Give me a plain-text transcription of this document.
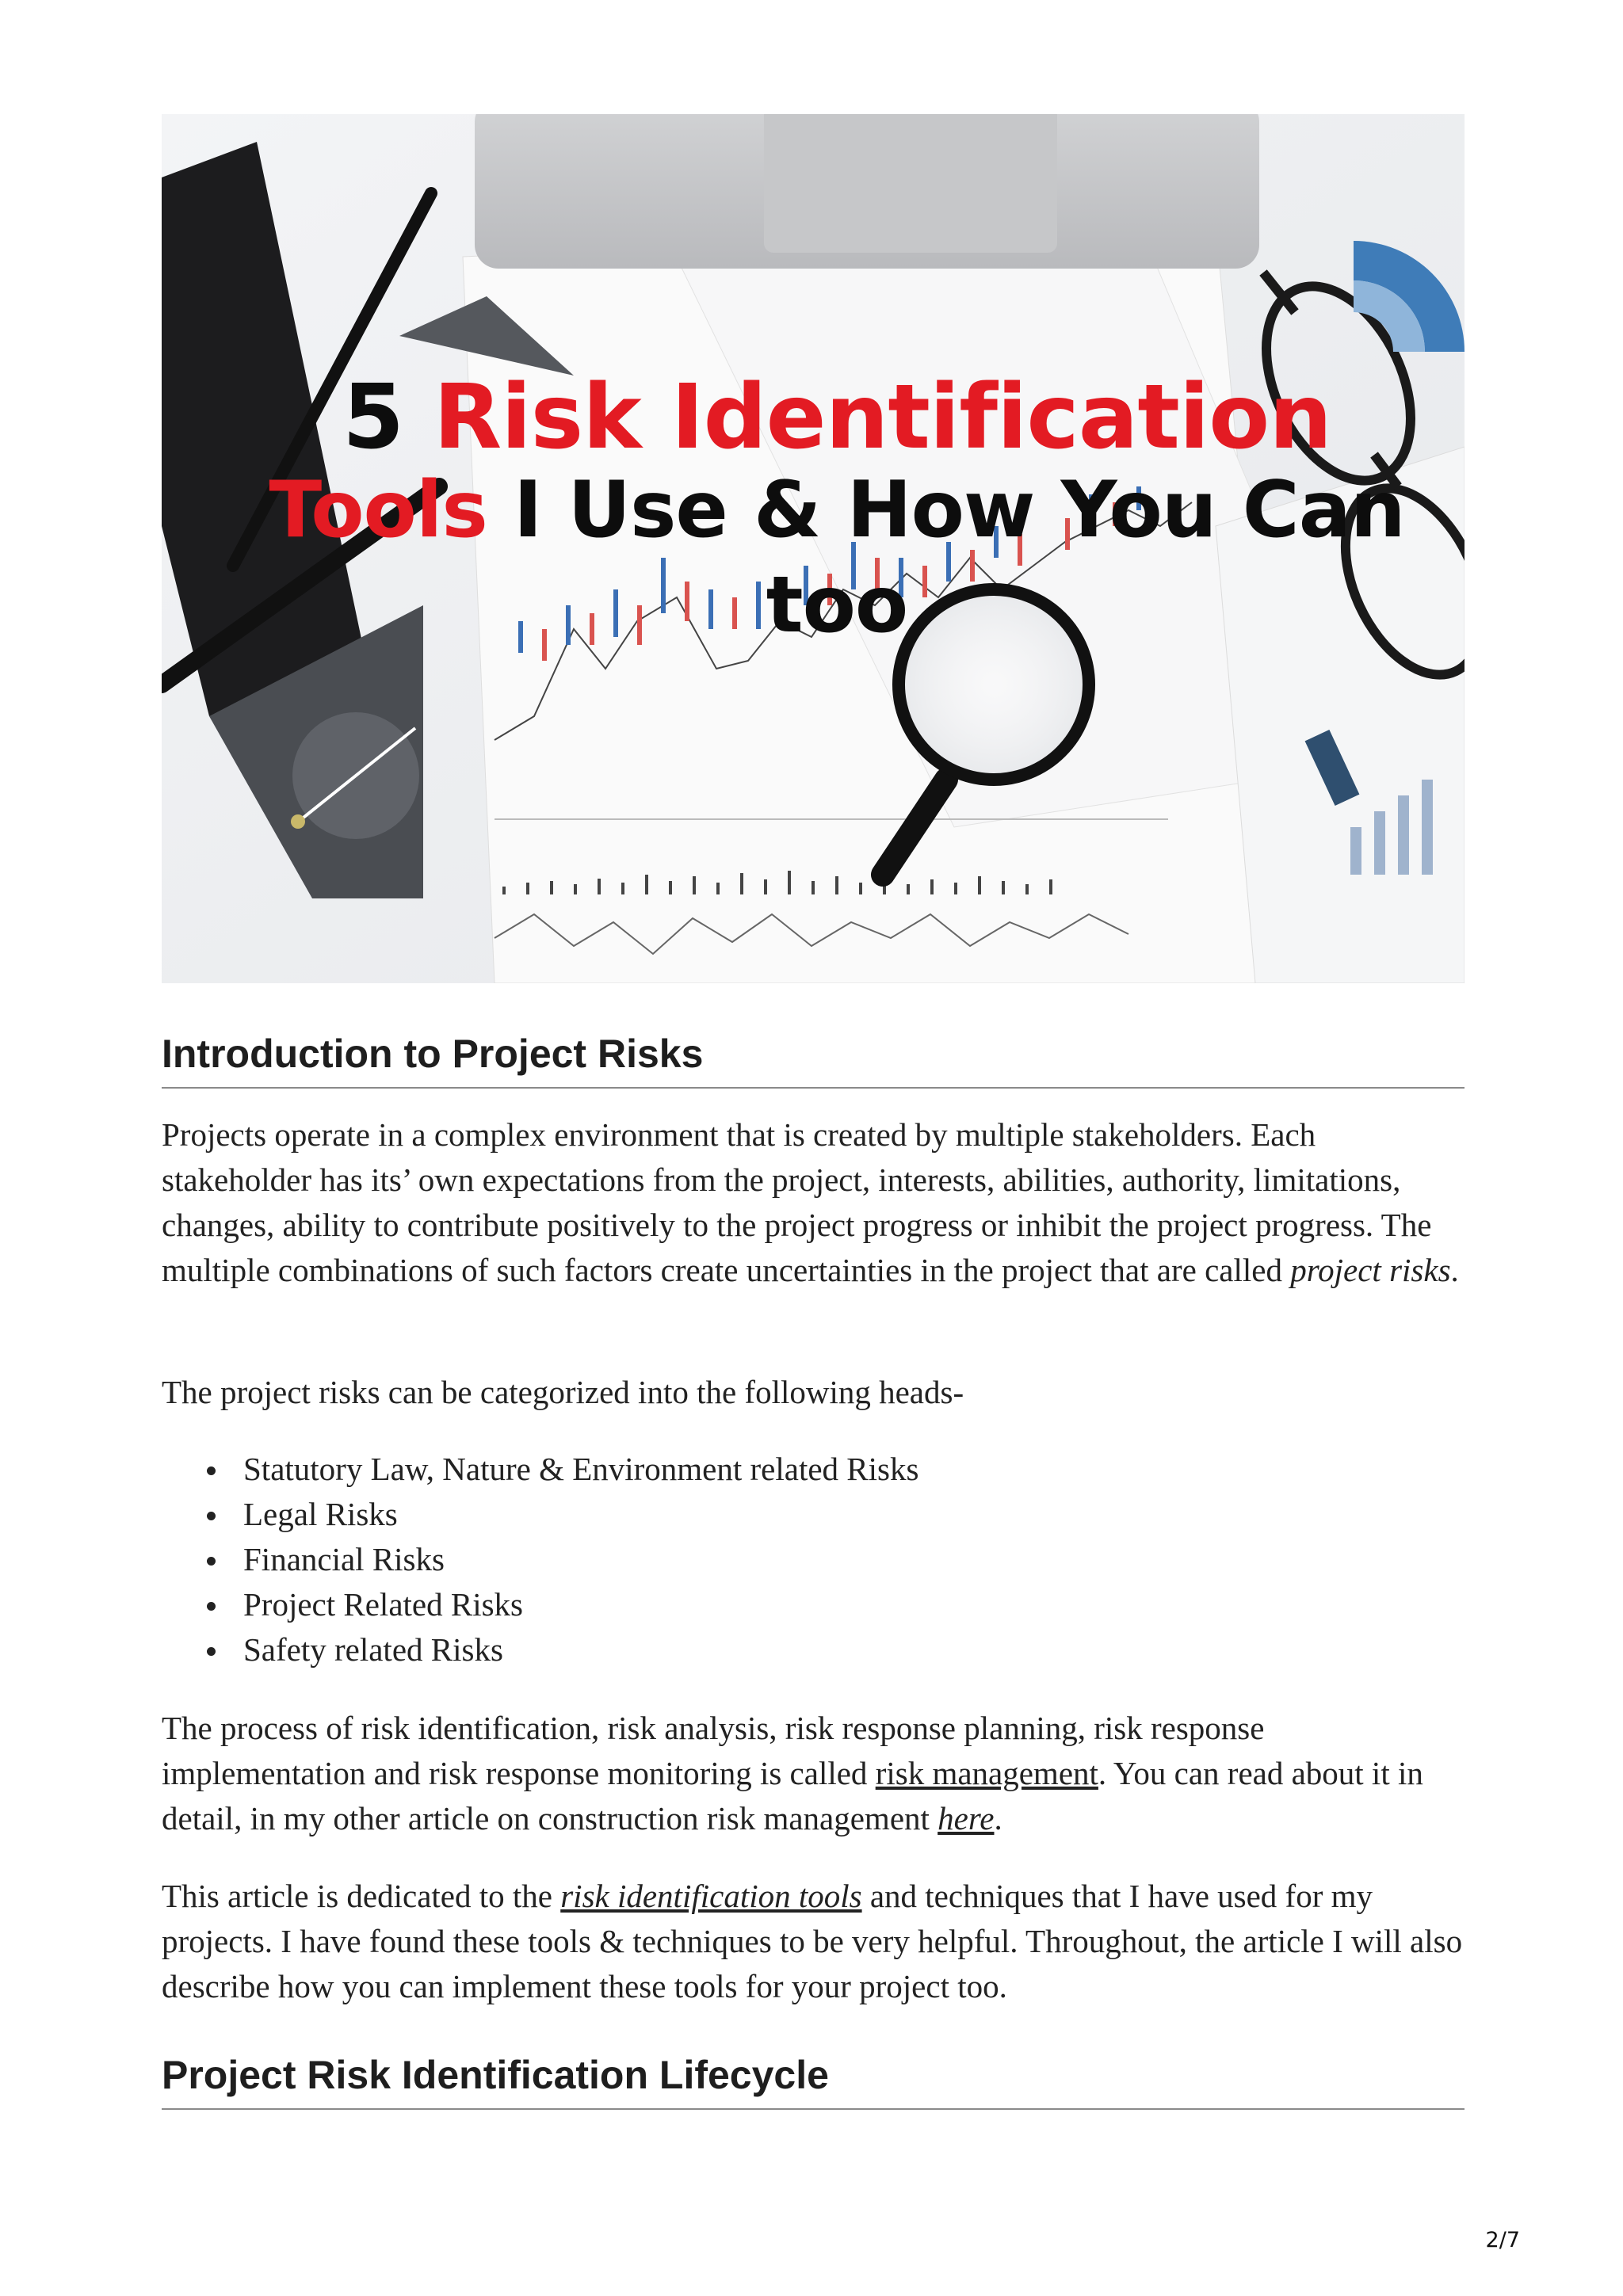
5 Risk Identification
Tools I Use & How You Can too
Introduction to Project Risks

Projects operate in a complex environment that is created by multiple stakeholders. Each stakeholder has its’ own expectations from the project, interests, abilities, authority, limitations, changes, ability to contribute positively to the project progress or inhibit the project progress. The multiple combinations of such factors create uncertainties in the project that are called project risks.

The project risks can be categorized into the following heads-

Statutory Law, Nature & Environment related Risks
Legal Risks
Financial Risks
Project Related Risks
Safety related Risks

The process of risk identification, risk analysis, risk response planning, risk response implementation and risk response monitoring is called risk management. You can read about it in detail, in my other article on construction risk management here.

This article is dedicated to the risk identification tools and techniques that I have used for my projects. I have found these tools & techniques to be very helpful. Throughout, the article I will also describe how you can implement these tools for your project too.

Project Risk Identification Lifecycle
2/7
